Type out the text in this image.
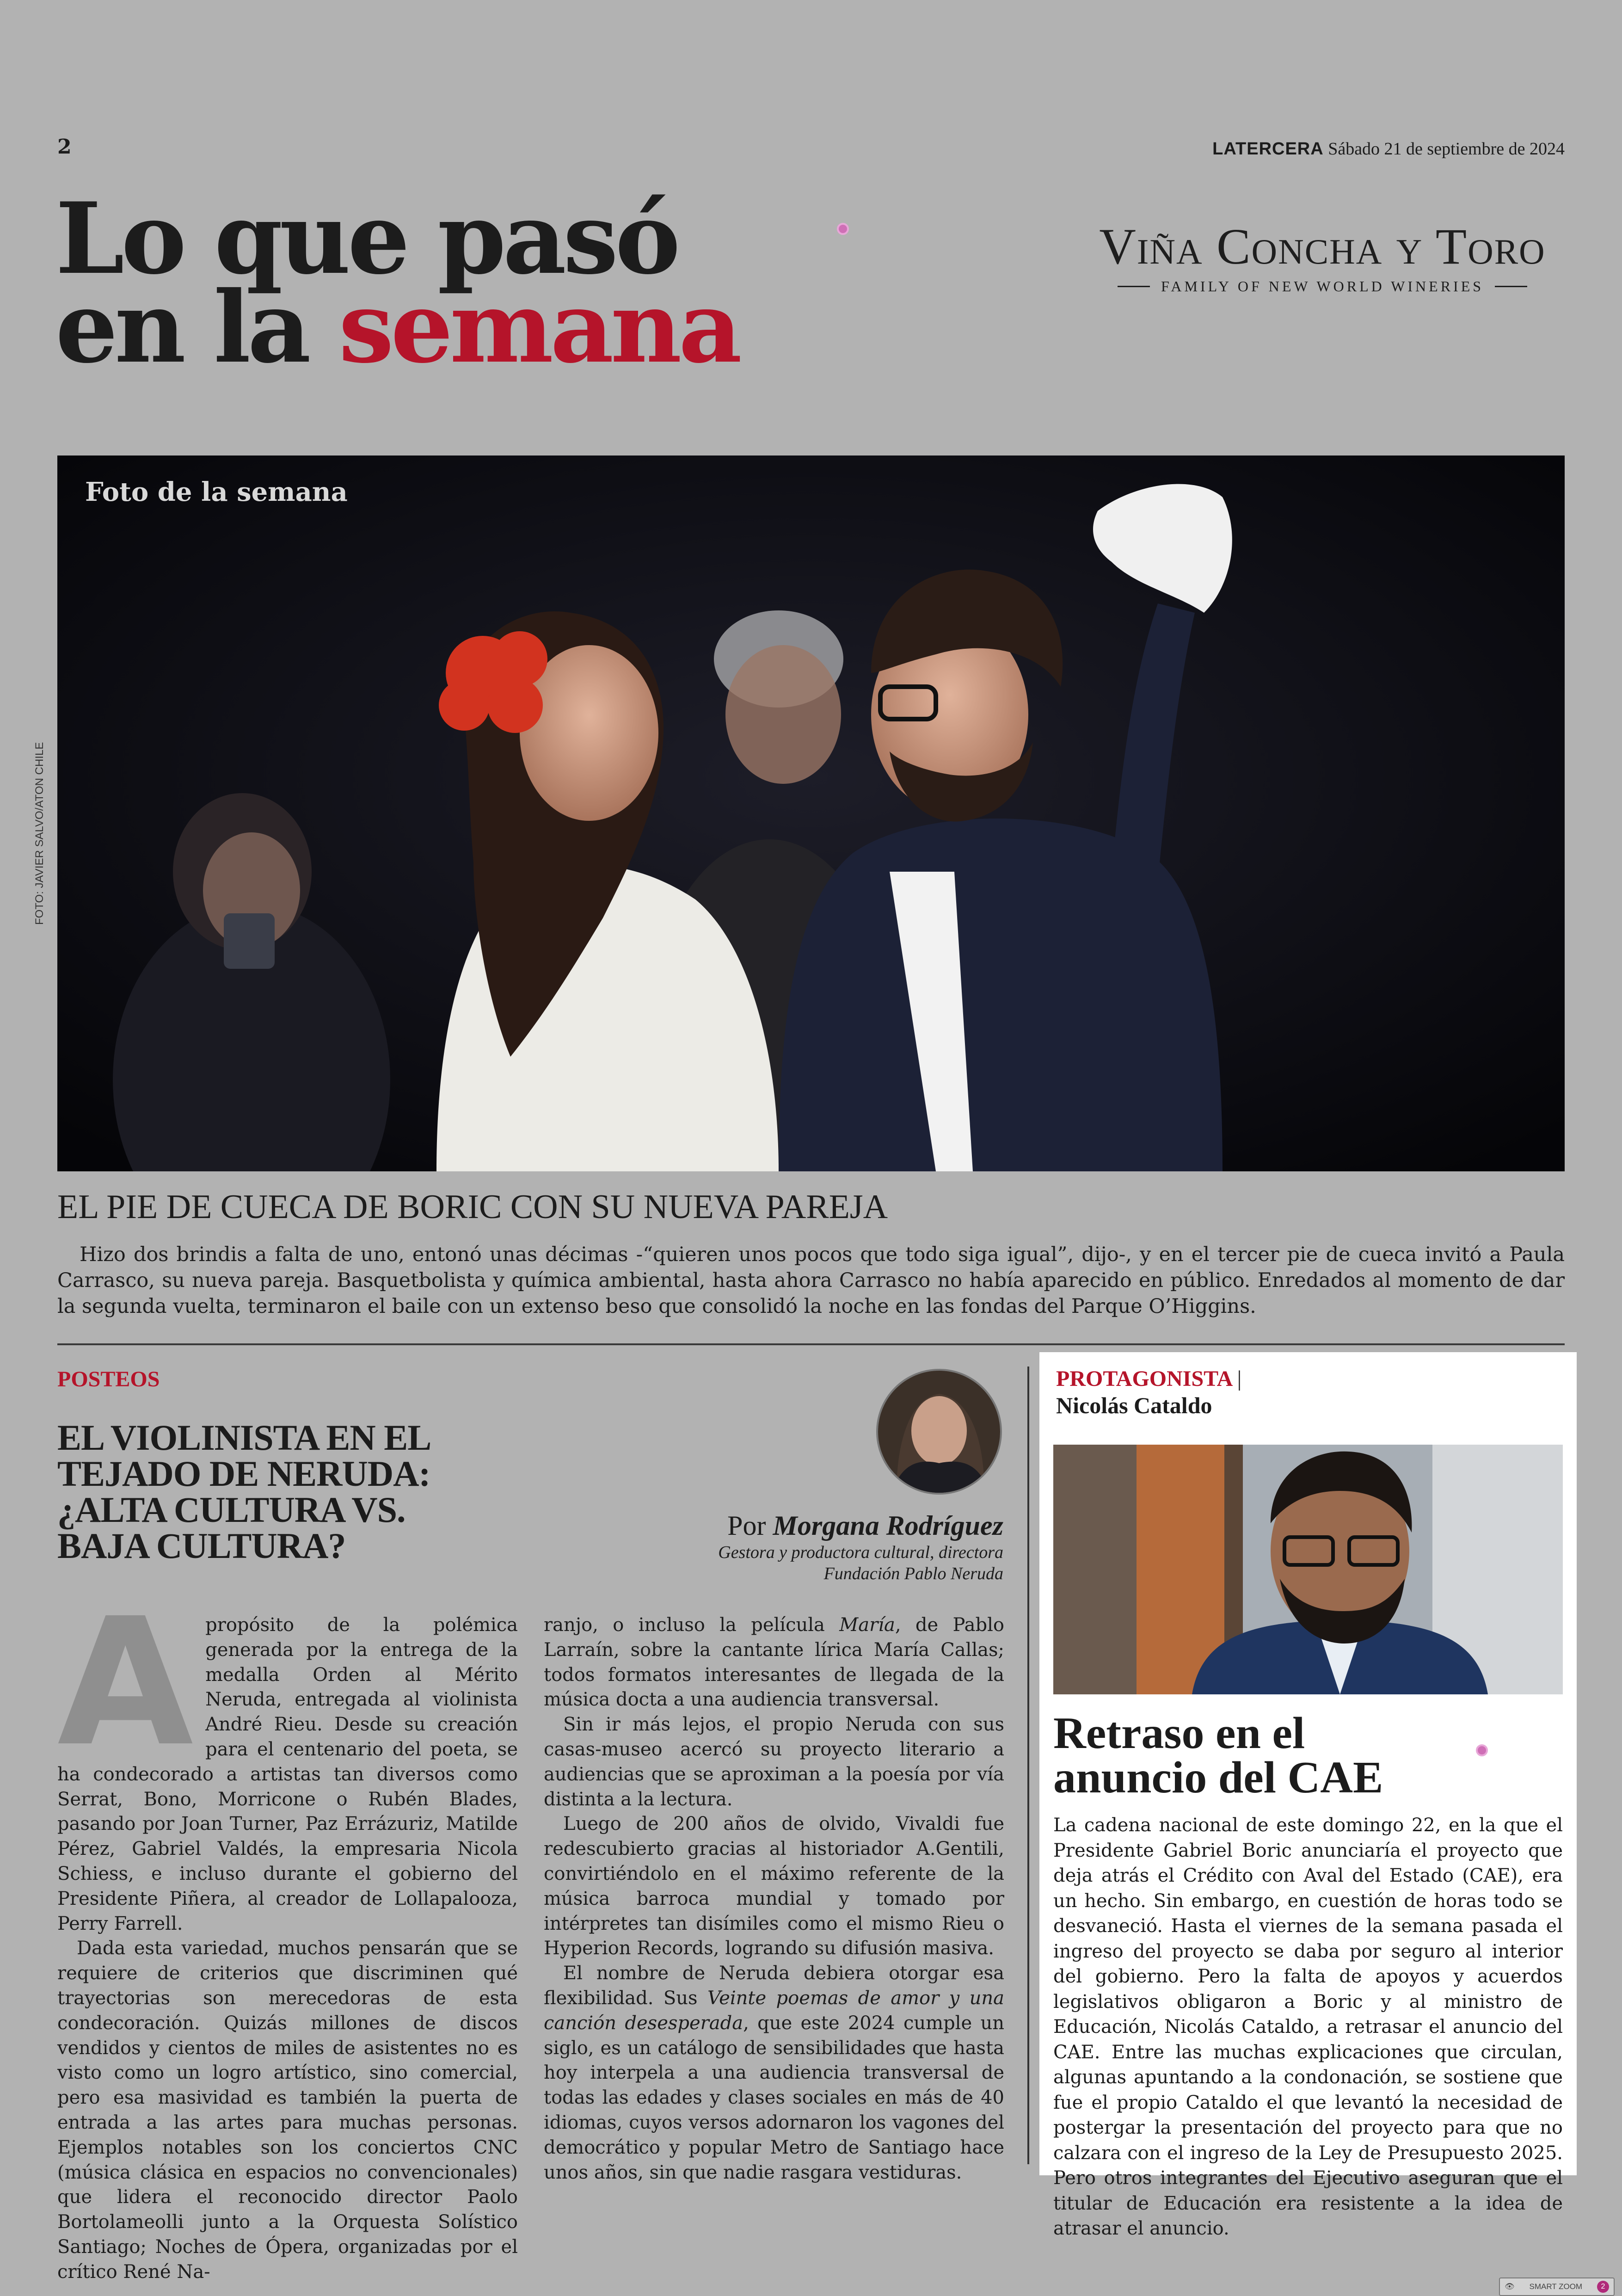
2	LATERCERA Sábado 21 de septiembre de 2024
Lo que pasó
en la semana
Viña Concha y Toro
FAMILY OF NEW WORLD WINERIES
Foto de la semana
FOTO: JAVIER SALVO/ATON CHILE
EL PIE DE CUECA DE BORIC CON SU NUEVA PAREJA
Hizo dos brindis a falta de uno, entonó unas décimas -“quieren unos pocos que todo siga igual”, dijo-, y en el tercer pie de cueca invitó a Paula Carrasco, su nueva pareja. Basquetbolista y química ambiental, hasta ahora Carrasco no había aparecido en público. Enredados al momento de dar la segunda vuelta, terminaron el baile con un extenso beso que consolidó la noche en las fondas del Parque O’Higgins.
POSTEOS
EL VIOLINISTA EN EL TEJADO DE NERUDA: ¿ALTA CULTURA VS. BAJA CULTURA?	Por Morgana Rodríguez
Gestora y productora cultural, directora
Fundación Pablo Neruda

Apropósito de la polémica generada por la entrega de la medalla Orden al Mérito Neruda, entregada al violinista André Rieu. Desde su creación para el centenario del poeta, se ha condecorado a artistas tan diversos como Serrat, Bono, Morricone o Rubén Blades, pasando por Joan Turner, Paz Errázuriz, Matilde Pérez, Gabriel Valdés, la empresaria Nicola Schiess, e incluso durante el gobierno del Presidente Piñera, al creador de Lollapalooza, Perry Farrell.

Dada esta variedad, muchos pensarán que se requiere de criterios que discriminen qué trayectorias son merecedoras de esta condecoración. Quizás millones de discos vendidos y cientos de miles de asistentes no es visto como un logro artístico, sino comercial, pero esa masividad es también la puerta de entrada a las artes para muchas personas. Ejemplos notables son los conciertos CNC (música clásica en espacios no convencionales) que lidera el reconocido director Paolo Bortolameolli junto a la Orquesta Solístico Santiago; Noches de Ópera, organizadas por el crítico René Na-

ranjo, o incluso la película María, de Pablo Larraín, sobre la cantante lírica María Callas; todos formatos interesantes de llegada de la música docta a una audiencia transversal.

Sin ir más lejos, el propio Neruda con sus casas-museo acercó su proyecto literario a audiencias que se aproximan a la poesía por vía distinta a la lectura.

Luego de 200 años de olvido, Vivaldi fue redescubierto gracias al historiador A.Gentili, convirtiéndolo en el máximo referente de la música barroca mundial y tomado por intérpretes tan disímiles como el mismo Rieu o Hyperion Records, logrando su difusión masiva.

El nombre de Neruda debiera otorgar esa flexibilidad. Sus Veinte poemas de amor y una canción desesperada, que este 2024 cumple un siglo, es un catálogo de sensibilidades que hasta hoy interpela a una audiencia transversal de todas las edades y clases sociales en más de 40 idiomas, cuyos versos adornaron los vagones del democrático y popular Metro de Santiago hace unos años, sin que nadie rasgara vestiduras.

PROTAGONISTA |
Nicolás Cataldo
Retraso en el
anuncio del CAE
La cadena nacional de este domingo 22, en la que el Presidente Gabriel Boric anunciaría el proyecto que deja atrás el Crédito con Aval del Estado (CAE), era un hecho. Sin embargo, en cuestión de horas todo se desvaneció. Hasta el viernes de la semana pasada el ingreso del proyecto se daba por seguro al interior del gobierno. Pero la falta de apoyos y acuerdos legislativos obligaron a Boric y al ministro de Educación, Nicolás Cataldo, a retrasar el anuncio del CAE. Entre las muchas explicaciones que circulan, algunas apuntando a la condonación, se sostiene que fue el propio Cataldo el que levantó la necesidad de postergar la presentación del proyecto para que no calzara con el ingreso de la Ley de Presupuesto 2025. Pero otros integrantes del Ejecutivo aseguran que el titular de Educación era resistente a la idea de atrasar el anuncio.
👁 SMART ZOOM	2
